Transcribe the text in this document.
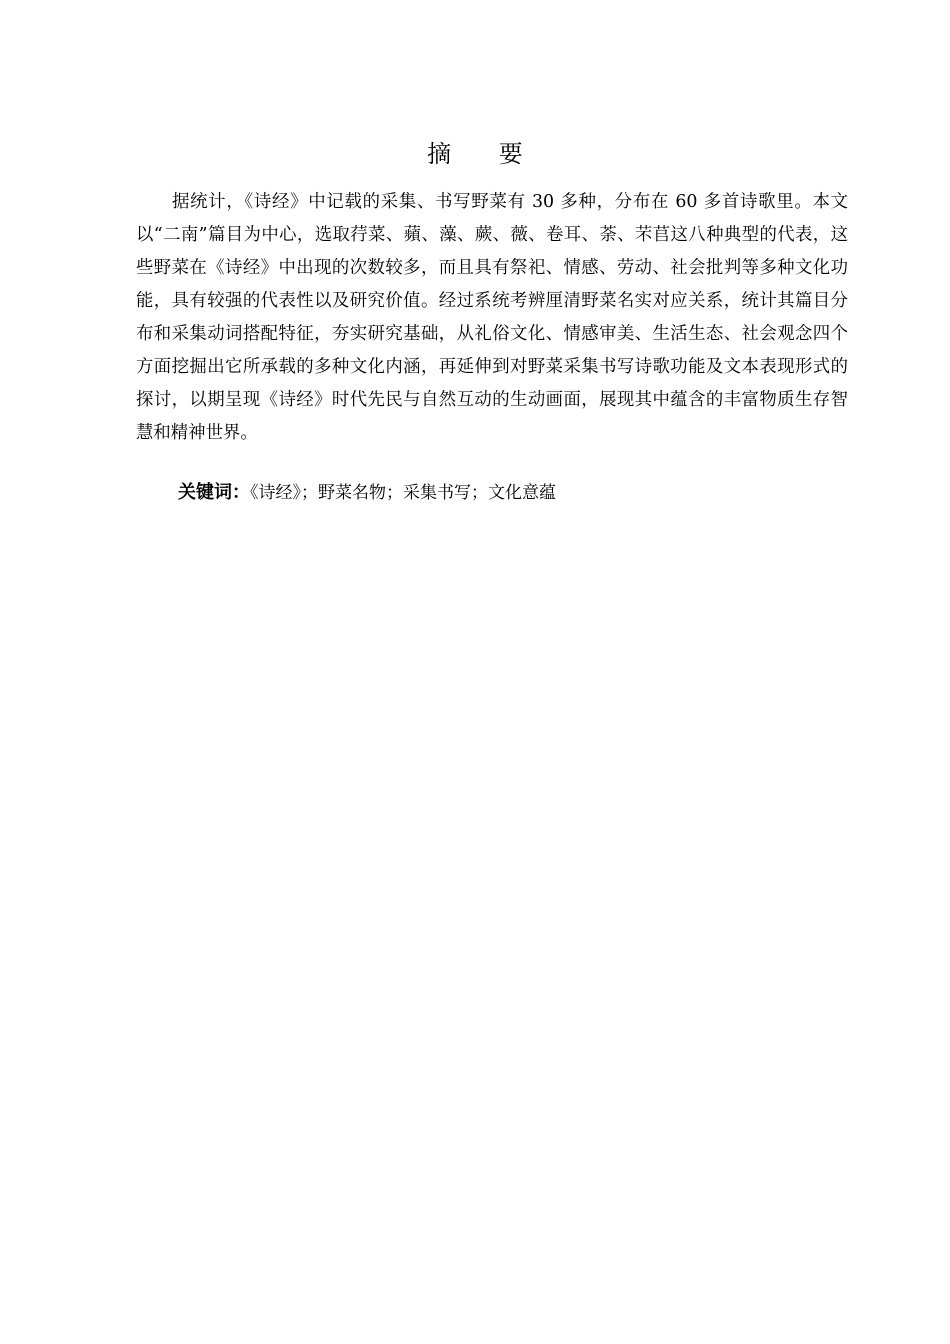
摘 要

据统计，《诗经》中记载的采集、书写野菜有 30 多种，分布在 60 多首诗歌里。本文以“二南”篇目为中心，选取荇菜、蘋、藻、蕨、薇、卷耳、荼、芣苢这八种典型的代表，这些野菜在《诗经》中出现的次数较多，而且具有祭祀、情感、劳动、社会批判等多种文化功能，具有较强的代表性以及研究价值。经过系统考辨厘清野菜名实对应关系，统计其篇目分布和采集动词搭配特征，夯实研究基础，从礼俗文化、情感审美、生活生态、社会观念四个方面挖掘出它所承载的多种文化内涵，再延伸到对野菜采集书写诗歌功能及文本表现形式的探讨，以期呈现《诗经》时代先民与自然互动的生动画面，展现其中蕴含的丰富物质生存智慧和精神世界。

关键词：《诗经》；野菜名物；采集书写；文化意蕴
